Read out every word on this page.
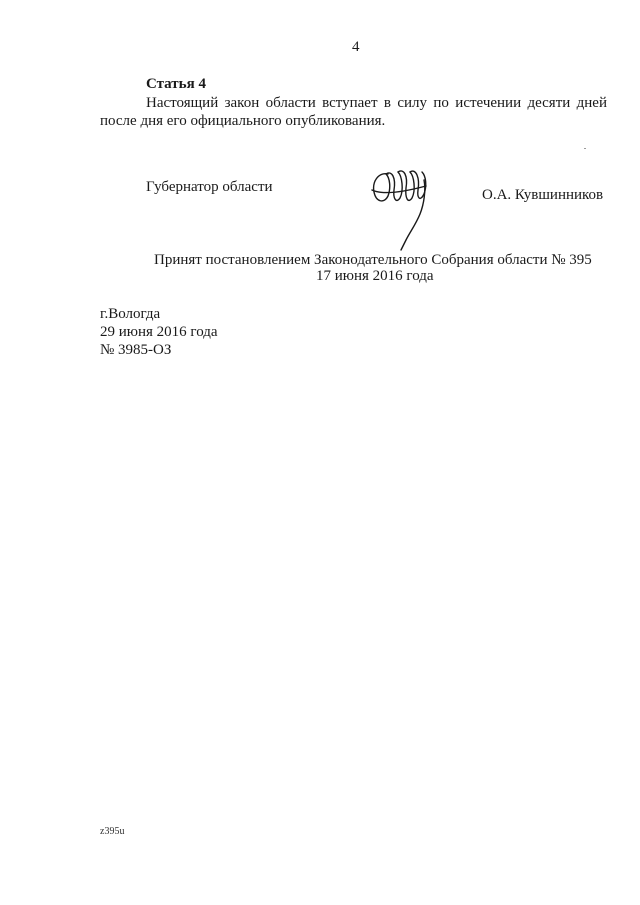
4
Статья 4
Настоящий закон области вступает в силу по истечении десяти дней
после дня его официального опубликования.
Губернатор области	О.А. Кувшинников
Принят постановлением Законодательного Собрания области № 395
17 июня 2016 года
г.Вологда
29 июня 2016 года
№ 3985-ОЗ
z395u
